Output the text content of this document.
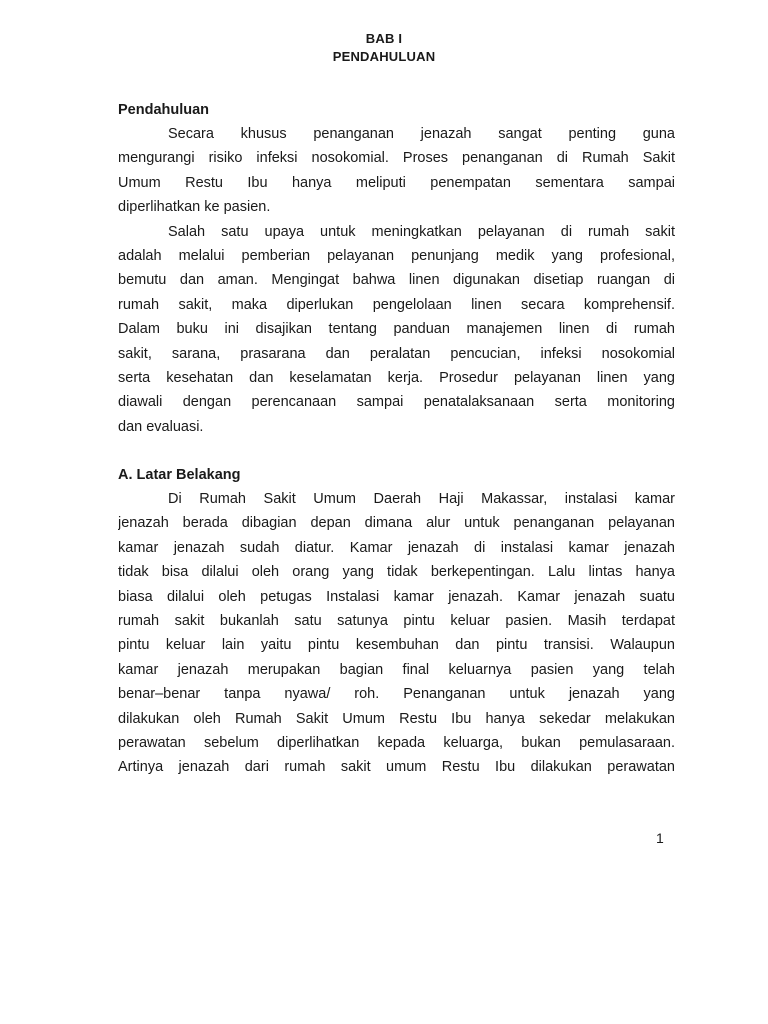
BAB I
PENDAHULUAN
Pendahuluan
Secara khusus penanganan jenazah sangat penting guna
mengurangi risiko infeksi nosokomial. Proses penanganan di Rumah Sakit
Umum Restu Ibu hanya meliputi penempatan sementara sampai
diperlihatkan ke pasien.
Salah satu upaya untuk meningkatkan pelayanan di rumah sakit
adalah melalui pemberian pelayanan penunjang medik yang profesional,
bemutu dan aman. Mengingat bahwa linen digunakan disetiap ruangan di
rumah sakit, maka diperlukan pengelolaan linen secara komprehensif.
Dalam buku ini disajikan tentang panduan manajemen linen di rumah
sakit, sarana, prasarana dan peralatan pencucian, infeksi nosokomial
serta kesehatan dan keselamatan kerja. Prosedur pelayanan linen yang
diawali dengan perencanaan sampai penatalaksanaan serta monitoring
dan evaluasi.
A. Latar Belakang
Di Rumah Sakit Umum Daerah Haji Makassar, instalasi kamar
jenazah berada dibagian depan dimana alur untuk penanganan pelayanan
kamar jenazah sudah diatur. Kamar jenazah di instalasi kamar jenazah
tidak bisa dilalui oleh orang yang tidak berkepentingan. Lalu lintas hanya
biasa dilalui oleh petugas Instalasi kamar jenazah. Kamar jenazah suatu
rumah sakit bukanlah satu satunya pintu keluar pasien. Masih terdapat
pintu keluar lain yaitu pintu kesembuhan dan pintu transisi. Walaupun
kamar jenazah merupakan bagian final keluarnya pasien yang telah
benar–benar tanpa nyawa/ roh. Penanganan untuk jenazah yang
dilakukan oleh Rumah Sakit Umum Restu Ibu hanya sekedar melakukan
perawatan sebelum diperlihatkan kepada keluarga, bukan pemulasaraan.
Artinya jenazah dari rumah sakit umum Restu Ibu dilakukan perawatan
1
